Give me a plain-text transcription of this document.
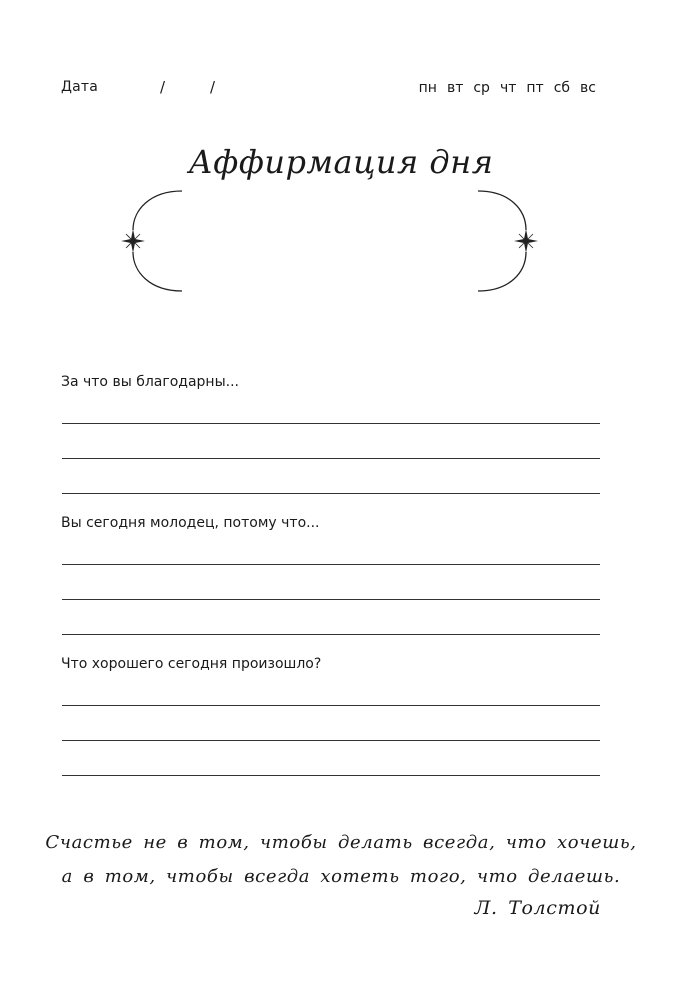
Дата	/	/	пн вт ср чт пт сб вс
Аффирмация дня
За что вы благодарны...
Вы сегодня молодец, потому что...
Что хорошего сегодня произошло?
Счастье не в том, чтобы делать всегда, что хочешь,
а в том, чтобы всегда хотеть того, что делаешь.
Л. Толстой
